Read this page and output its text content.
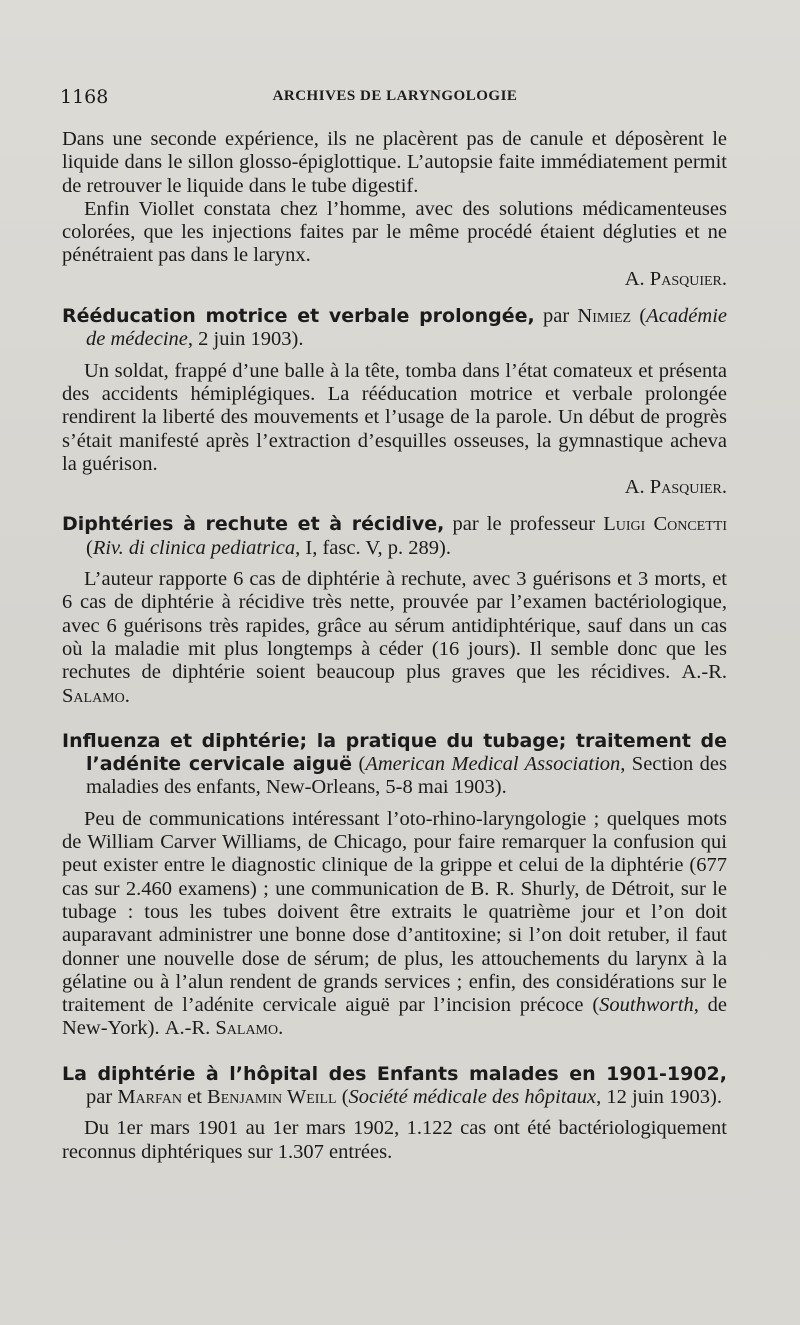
1168	ARCHIVES DE LARYNGOLOGIE

Dans une seconde expérience, ils ne placèrent pas de canule et déposèrent le liquide dans le sillon glosso-épiglottique. L’autopsie faite immédiatement permit de retrouver le liquide dans le tube digestif.

Enfin Viollet constata chez l’homme, avec des solutions médicamenteuses colorées, que les injections faites par le même procédé étaient dégluties et ne pénétraient pas dans le larynx.

A. Pasquier.

Rééducation motrice et verbale prolongée, par Nimiez (Académie de médecine, 2 juin 1903).

Un soldat, frappé d’une balle à la tête, tomba dans l’état comateux et présenta des accidents hémiplégiques. La rééducation motrice et verbale prolongée rendirent la liberté des mouvements et l’usage de la parole. Un début de progrès s’était manifesté après l’extraction d’esquilles osseuses, la gymnastique acheva la guérison.

A. Pasquier.

Diphtéries à rechute et à récidive, par le professeur Luigi Concetti (Riv. di clinica pediatrica, I, fasc. V, p. 289).

L’auteur rapporte 6 cas de diphtérie à rechute, avec 3 guérisons et 3 morts, et 6 cas de diphtérie à récidive très nette, prouvée par l’examen bactériologique, avec 6 guérisons très rapides, grâce au sérum antidiphtérique, sauf dans un cas où la maladie mit plus longtemps à céder (16 jours). Il semble donc que les rechutes de diphtérie soient beaucoup plus graves que les récidives. A.-R. Salamo.

Influenza et diphtérie; la pratique du tubage; traitement de l’adénite cervicale aiguë (American Medical Association, Section des maladies des enfants, New-Orleans, 5-8 mai 1903).

Peu de communications intéressant l’oto-rhino-laryngologie ; quelques mots de William Carver Williams, de Chicago, pour faire remarquer la confusion qui peut exister entre le diagnostic clinique de la grippe et celui de la diphtérie (677 cas sur 2.460 examens) ; une communication de B. R. Shurly, de Détroit, sur le tubage : tous les tubes doivent être extraits le quatrième jour et l’on doit auparavant administrer une bonne dose d’antitoxine; si l’on doit retuber, il faut donner une nouvelle dose de sérum; de plus, les attouchements du larynx à la gélatine ou à l’alun rendent de grands services ; enfin, des considérations sur le traitement de l’adénite cervicale aiguë par l’incision précoce (Southworth, de New-York). A.-R. Salamo.

La diphtérie à l’hôpital des Enfants malades en 1901-1902, par Marfan et Benjamin Weill (Société médicale des hôpitaux, 12 juin 1903).

Du 1er mars 1901 au 1er mars 1902, 1.122 cas ont été bactériologiquement reconnus diphtériques sur 1.307 entrées.
